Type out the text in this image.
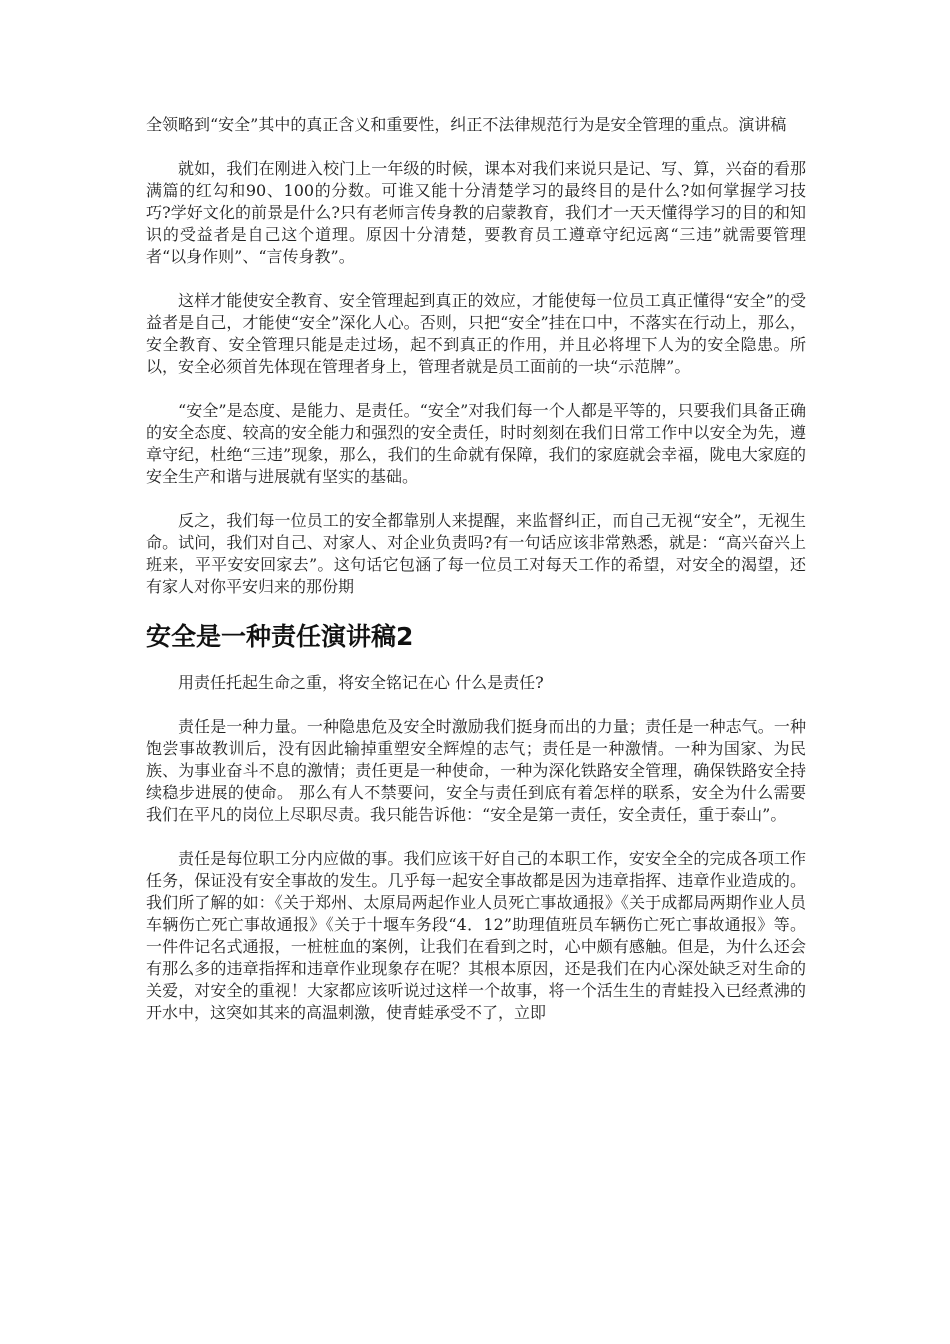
全领略到“安全”其中的真正含义和重要性，纠正不法律规范行为是安全管理的重点。演讲稿

就如，我们在刚进入校门上一年级的时候，课本对我们来说只是记、写、算，兴奋的看那满篇的红勾和90、100的分数。可谁又能十分清楚学习的最终目的是什么?如何掌握学习技巧?学好文化的前景是什么?只有老师言传身教的启蒙教育，我们才一天天懂得学习的目的和知识的受益者是自己这个道理。原因十分清楚，要教育员工遵章守纪远离“三违”就需要管理者“以身作则”、“言传身教”。

这样才能使安全教育、安全管理起到真正的效应，才能使每一位员工真正懂得“安全”的受益者是自己，才能使“安全”深化人心。否则，只把“安全”挂在口中，不落实在行动上，那么，安全教育、安全管理只能是走过场，起不到真正的作用，并且必将埋下人为的安全隐患。所以，安全必须首先体现在管理者身上，管理者就是员工面前的一块“示范牌”。

“安全”是态度、是能力、是责任。“安全”对我们每一个人都是平等的，只要我们具备正确的安全态度、较高的安全能力和强烈的安全责任，时时刻刻在我们日常工作中以安全为先，遵章守纪，杜绝“三违”现象，那么，我们的生命就有保障，我们的家庭就会幸福，陇电大家庭的安全生产和谐与进展就有坚实的基础。

反之，我们每一位员工的安全都靠别人来提醒，来监督纠正，而自己无视“安全”，无视生命。试问，我们对自己、对家人、对企业负责吗?有一句话应该非常熟悉，就是：“高兴奋兴上班来，平平安安回家去”。这句话它包涵了每一位员工对每天工作的希望，对安全的渴望，还有家人对你平安归来的那份期

安全是一种责任演讲稿2

用责任托起生命之重，将安全铭记在心 什么是责任?

责任是一种力量。一种隐患危及安全时激励我们挺身而出的力量；责任是一种志气。一种饱尝事故教训后，没有因此输掉重塑安全辉煌的志气；责任是一种激情。一种为国家、为民族、为事业奋斗不息的激情；责任更是一种使命，一种为深化铁路安全管理，确保铁路安全持续稳步进展的使命。 那么有人不禁要问，安全与责任到底有着怎样的联系，安全为什么需要我们在平凡的岗位上尽职尽责。我只能告诉他：“安全是第一责任，安全责任，重于泰山”。

责任是每位职工分内应做的事。我们应该干好自己的本职工作，安安全全的完成各项工作任务，保证没有安全事故的发生。几乎每一起安全事故都是因为违章指挥、违章作业造成的。我们所了解的如：《关于郑州、太原局两起作业人员死亡事故通报》《关于成都局两期作业人员车辆伤亡死亡事故通报》《关于十堰车务段“4．12”助理值班员车辆伤亡死亡事故通报》等。一件件记名式通报，一桩桩血的案例，让我们在看到之时，心中颇有感触。但是，为什么还会有那么多的违章指挥和违章作业现象存在呢？其根本原因，还是我们在内心深处缺乏对生命的关爱，对安全的重视！大家都应该听说过这样一个故事，将一个活生生的青蛙投入已经煮沸的开水中，这突如其来的高温刺激，使青蛙承受不了，立即
